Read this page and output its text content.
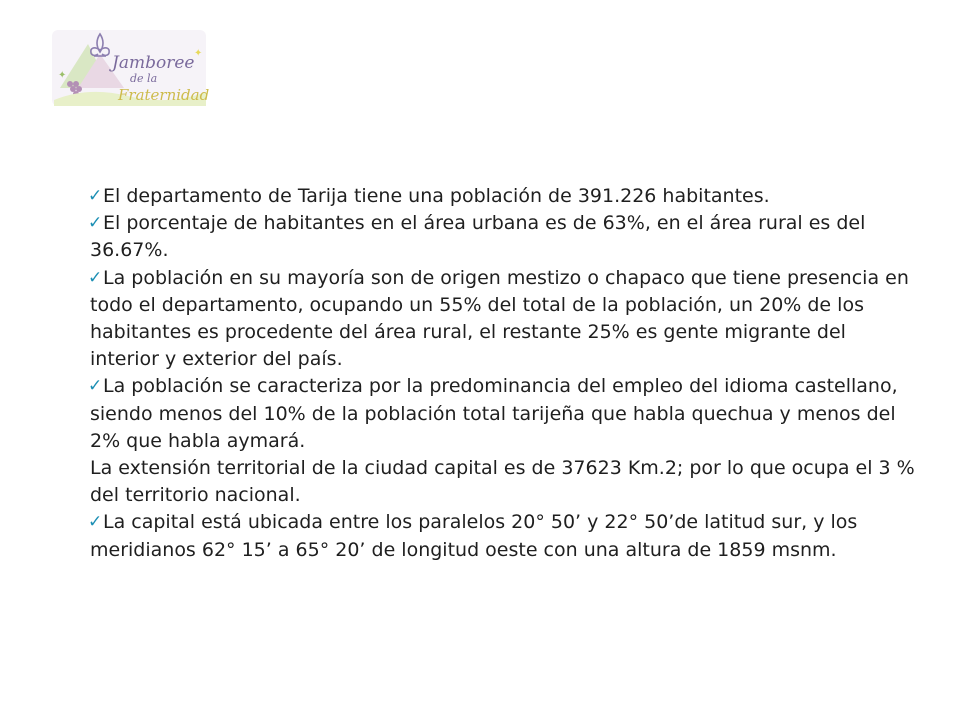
✦
✦
Jamboree
de la
Fraternidad

✓ El departamento de Tarija tiene una población de 391.226 habitantes.

✓ El porcentaje de habitantes en el área urbana es de 63%, en el área rural es del 36.67%.

✓ La población en su mayoría son de origen mestizo o chapaco que tiene presencia en todo el departamento, ocupando un 55% del total de la población, un 20% de los habitantes es procedente del área rural, el restante 25% es gente migrante del interior y exterior del país.

✓ La población se caracteriza por la predominancia del empleo del idioma castellano, siendo menos del 10% de la población total tarijeña que habla quechua y menos del 2% que habla aymará.

La extensión territorial de la ciudad capital es de 37623 Km.2; por lo que ocupa el 3 % del territorio nacional.

✓ La capital está ubicada entre los paralelos 20° 50’ y 22° 50’de latitud sur, y los meridianos 62° 15’ a 65° 20’ de longitud oeste con una altura de 1859 msnm.
